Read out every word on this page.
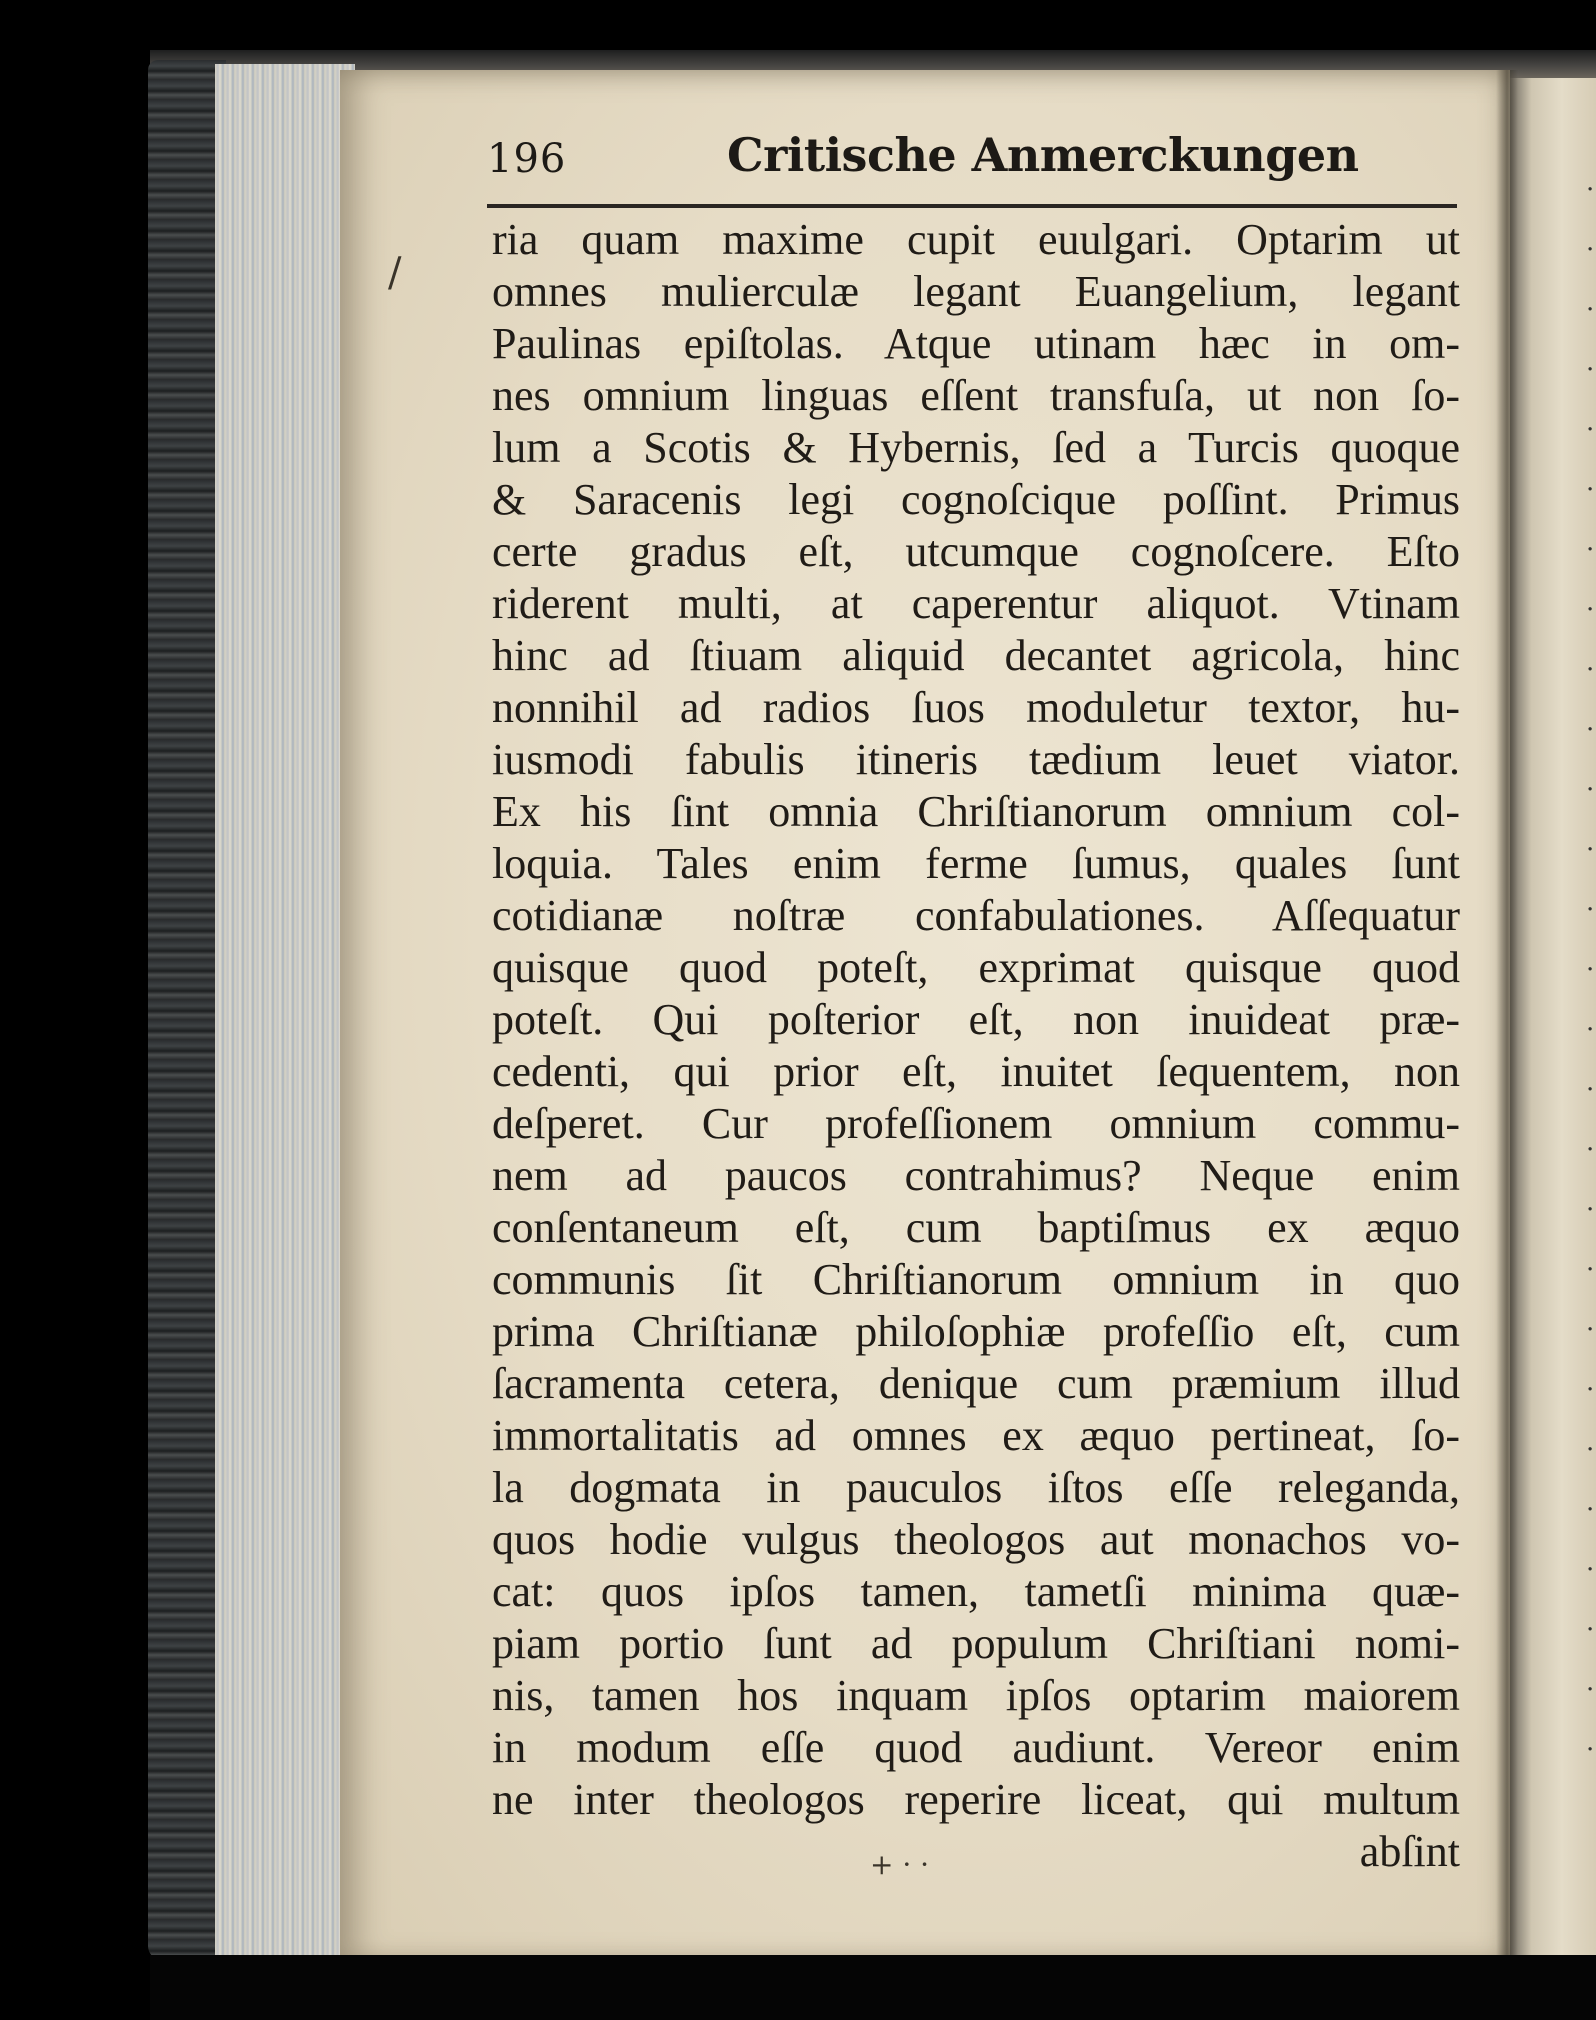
·
·
·
·
·
·
·
·
·
·
·
·
·
·
·
·
·
·
·
·
·
·
·
·
·
·
·

196	Critische Anmerckungen
ria quam maxime cupit euulgari. Optarim ut
omnes mulierculæ legant Euangelium, legant
Paulinas epiſtolas. Atque utinam hæc in om-
nes omnium linguas eſſent transfuſa, ut non ſo-
lum a Scotis & Hybernis, ſed a Turcis quoque
& Saracenis legi cognoſcique poſſint. Primus
certe gradus eſt, utcumque cognoſcere. Eſto
riderent multi, at caperentur aliquot. Vtinam
hinc ad ſtiuam aliquid decantet agricola, hinc
nonnihil ad radios ſuos moduletur textor, hu-
iusmodi fabulis itineris tædium leuet viator.
Ex his ſint omnia Chriſtianorum omnium col-
loquia. Tales enim ferme ſumus, quales ſunt
cotidianæ noſtræ confabulationes. Aſſequatur
quisque quod poteſt, exprimat quisque quod
poteſt. Qui poſterior eſt, non inuideat præ-
cedenti, qui prior eſt, inuitet ſequentem, non
deſperet. Cur profeſſionem omnium commu-
nem ad paucos contrahimus? Neque enim
conſentaneum eſt, cum baptiſmus ex æquo
communis ſit Chriſtianorum omnium in quo
prima Chriſtianæ philoſophiæ profeſſio eſt, cum
ſacramenta cetera, denique cum præmium illud
immortalitatis ad omnes ex æquo pertineat, ſo-
la dogmata in pauculos iſtos eſſe releganda,
quos hodie vulgus theologos aut monachos vo-
cat: quos ipſos tamen, tametſi minima quæ-
piam portio ſunt ad populum Chriſtiani nomi-
nis, tamen hos inquam ipſos optarim maiorem
in modum eſſe quod audiunt. Vereor enim
ne inter theologos reperire liceat, qui multum
abſint
/
+ · ·
